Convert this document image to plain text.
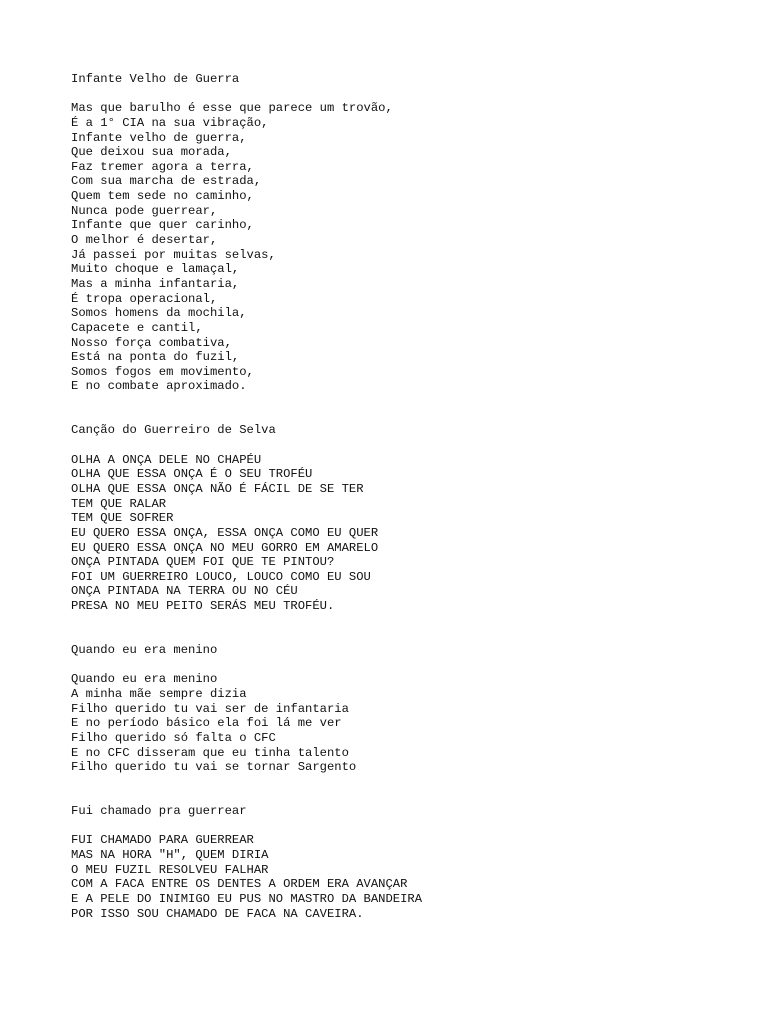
Infante Velho de Guerra
Mas que barulho é esse que parece um trovão,
É a 1° CIA na sua vibração,
Infante velho de guerra,
Que deixou sua morada,
Faz tremer agora a terra,
Com sua marcha de estrada,
Quem tem sede no caminho,
Nunca pode guerrear,
Infante que quer carinho,
O melhor é desertar,
Já passei por muitas selvas,
Muito choque e lamaçal,
Mas a minha infantaria,
É tropa operacional,
Somos homens da mochila,
Capacete e cantil,
Nosso força combativa,
Está na ponta do fuzil,
Somos fogos em movimento,
E no combate aproximado.
Canção do Guerreiro de Selva
OLHA A ONÇA DELE NO CHAPÉU
OLHA QUE ESSA ONÇA É O SEU TROFÉU
OLHA QUE ESSA ONÇA NÃO É FÁCIL DE SE TER
TEM QUE RALAR
TEM QUE SOFRER
EU QUERO ESSA ONÇA, ESSA ONÇA COMO EU QUER
EU QUERO ESSA ONÇA NO MEU GORRO EM AMARELO
ONÇA PINTADA QUEM FOI QUE TE PINTOU?
FOI UM GUERREIRO LOUCO, LOUCO COMO EU SOU
ONÇA PINTADA NA TERRA OU NO CÉU
PRESA NO MEU PEITO SERÁS MEU TROFÉU.
Quando eu era menino
Quando eu era menino
A minha mãe sempre dizia
Filho querido tu vai ser de infantaria
E no período básico ela foi lá me ver
Filho querido só falta o CFC
E no CFC disseram que eu tinha talento
Filho querido tu vai se tornar Sargento
Fui chamado pra guerrear
FUI CHAMADO PARA GUERREAR
MAS NA HORA "H", QUEM DIRIA
O MEU FUZIL RESOLVEU FALHAR
COM A FACA ENTRE OS DENTES A ORDEM ERA AVANÇAR
E A PELE DO INIMIGO EU PUS NO MASTRO DA BANDEIRA
POR ISSO SOU CHAMADO DE FACA NA CAVEIRA.
